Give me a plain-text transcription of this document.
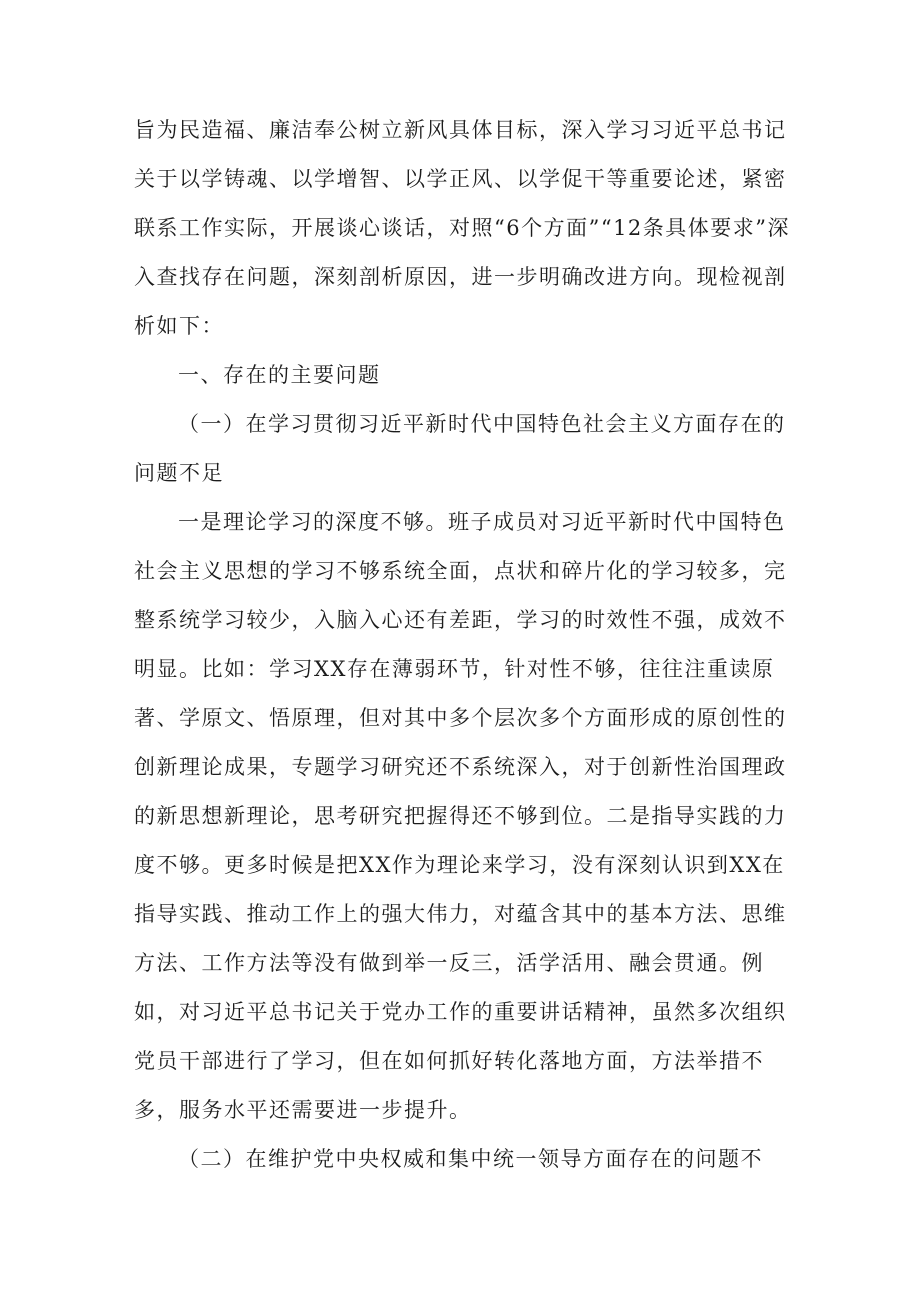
旨为民造福、廉洁奉公树立新风具体目标，深入学习习近平总书记关于以学铸魂、以学增智、以学正风、以学促干等重要论述，紧密联系工作实际，开展谈心谈话，对照“6个方面”“12条具体要求”深入查找存在问题，深刻剖析原因，进一步明确改进方向。现检视剖析如下：

一、存在的主要问题

（一）在学习贯彻习近平新时代中国特色社会主义方面存在的问题不足

一是理论学习的深度不够。班子成员对习近平新时代中国特色社会主义思想的学习不够系统全面，点状和碎片化的学习较多，完整系统学习较少，入脑入心还有差距，学习的时效性不强，成效不明显。比如：学习XX存在薄弱环节，针对性不够，往往注重读原著、学原文、悟原理，但对其中多个层次多个方面形成的原创性的创新理论成果，专题学习研究还不系统深入，对于创新性治国理政的新思想新理论，思考研究把握得还不够到位。二是指导实践的力度不够。更多时候是把XX作为理论来学习，没有深刻认识到XX在指导实践、推动工作上的强大伟力，对蕴含其中的基本方法、思维方法、工作方法等没有做到举一反三，活学活用、融会贯通。例如，对习近平总书记关于党办工作的重要讲话精神，虽然多次组织党员干部进行了学习，但在如何抓好转化落地方面，方法举措不多，服务水平还需要进一步提升。

（二）在维护党中央权威和集中统一领导方面存在的问题不
